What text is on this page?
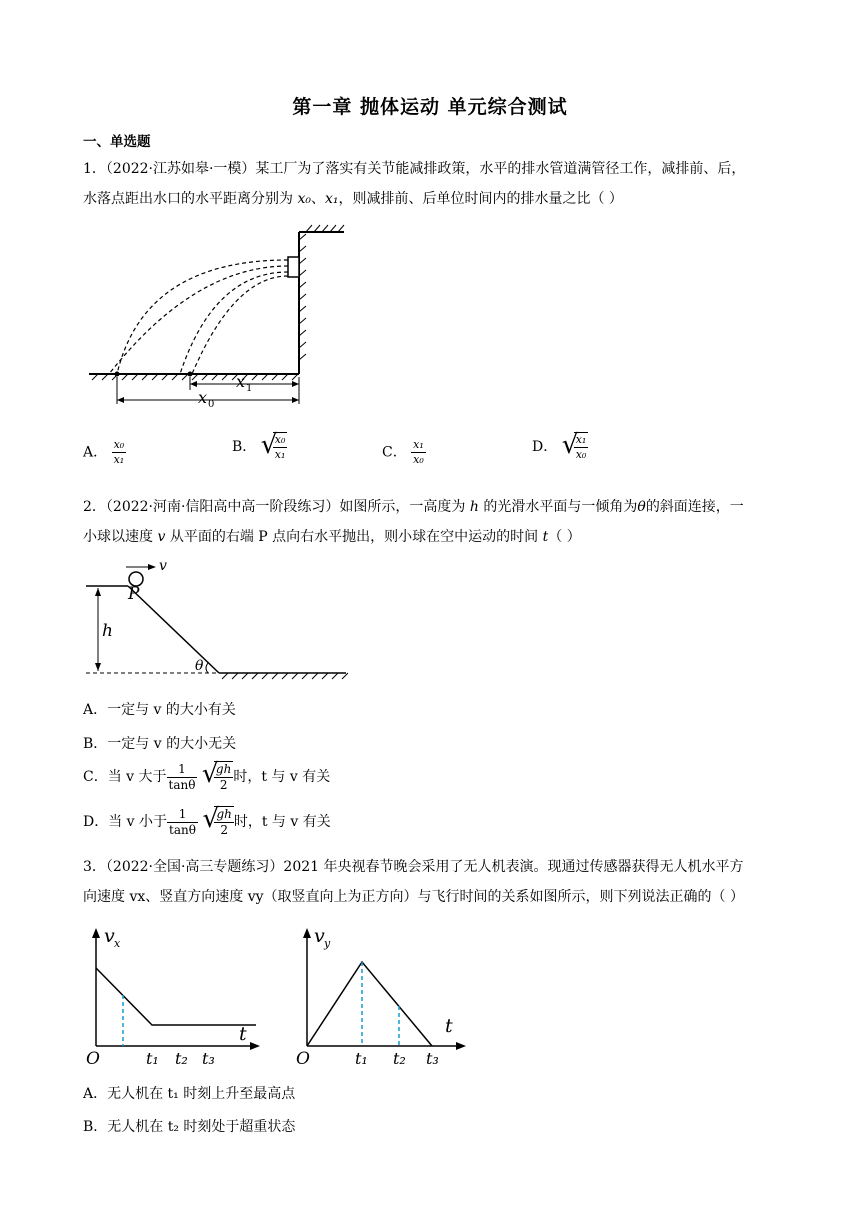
第一章 抛体运动 单元综合测试
一、单选题
1．（2022·江苏如皋·一模）某工厂为了落实有关节能减排政策，水平的排水管道满管径工作，减排前、后，
水落点距出水口的水平距离分别为 x₀、x₁，则减排前、后单位时间内的排水量之比（ ）
x 1
x 0
A． $\frac{\text{x₀}}{\text{x₁}}$	B． √
$\frac{\text{x₀}}{\text{x₁}}$	C． $\frac{\text{x₁}}{\text{x₀}}$	D． √
$\frac{\text{x₁}}{\text{x₀}}$
2．（2022·河南·信阳高中高一阶段练习）如图所示，一高度为 h 的光滑水平面与一倾角为θ的斜面连接，一
小球以速度 v 从平面的右端 P 点向右水平抛出，则小球在空中运动的时间 t（ ）
v
P
h
θ
A．一定与 v 的大小有关
B．一定与 v 的大小无关
C．当 v 大于 $\frac{1}{\tan\theta}$
√
$\frac{gh}{2}$ 时，t 与 v 有关
D．当 v 小于 $\frac{1}{\tan\theta}$
√
$\frac{gh}{2}$ 时，t 与 v 有关
3．（2022·全国·高三专题练习）2021 年央视春节晚会采用了无人机表演。现通过传感器获得无人机水平方
向速度 vx、竖直方向速度 vy（取竖直向上为正方向）与飞行时间的关系如图所示，则下列说法正确的（ ）
v x
t
O	t₁ t₂ t₃
v y
t
O	t₁ t₂ t₃
A．无人机在 t₁ 时刻上升至最高点
B．无人机在 t₂ 时刻处于超重状态
